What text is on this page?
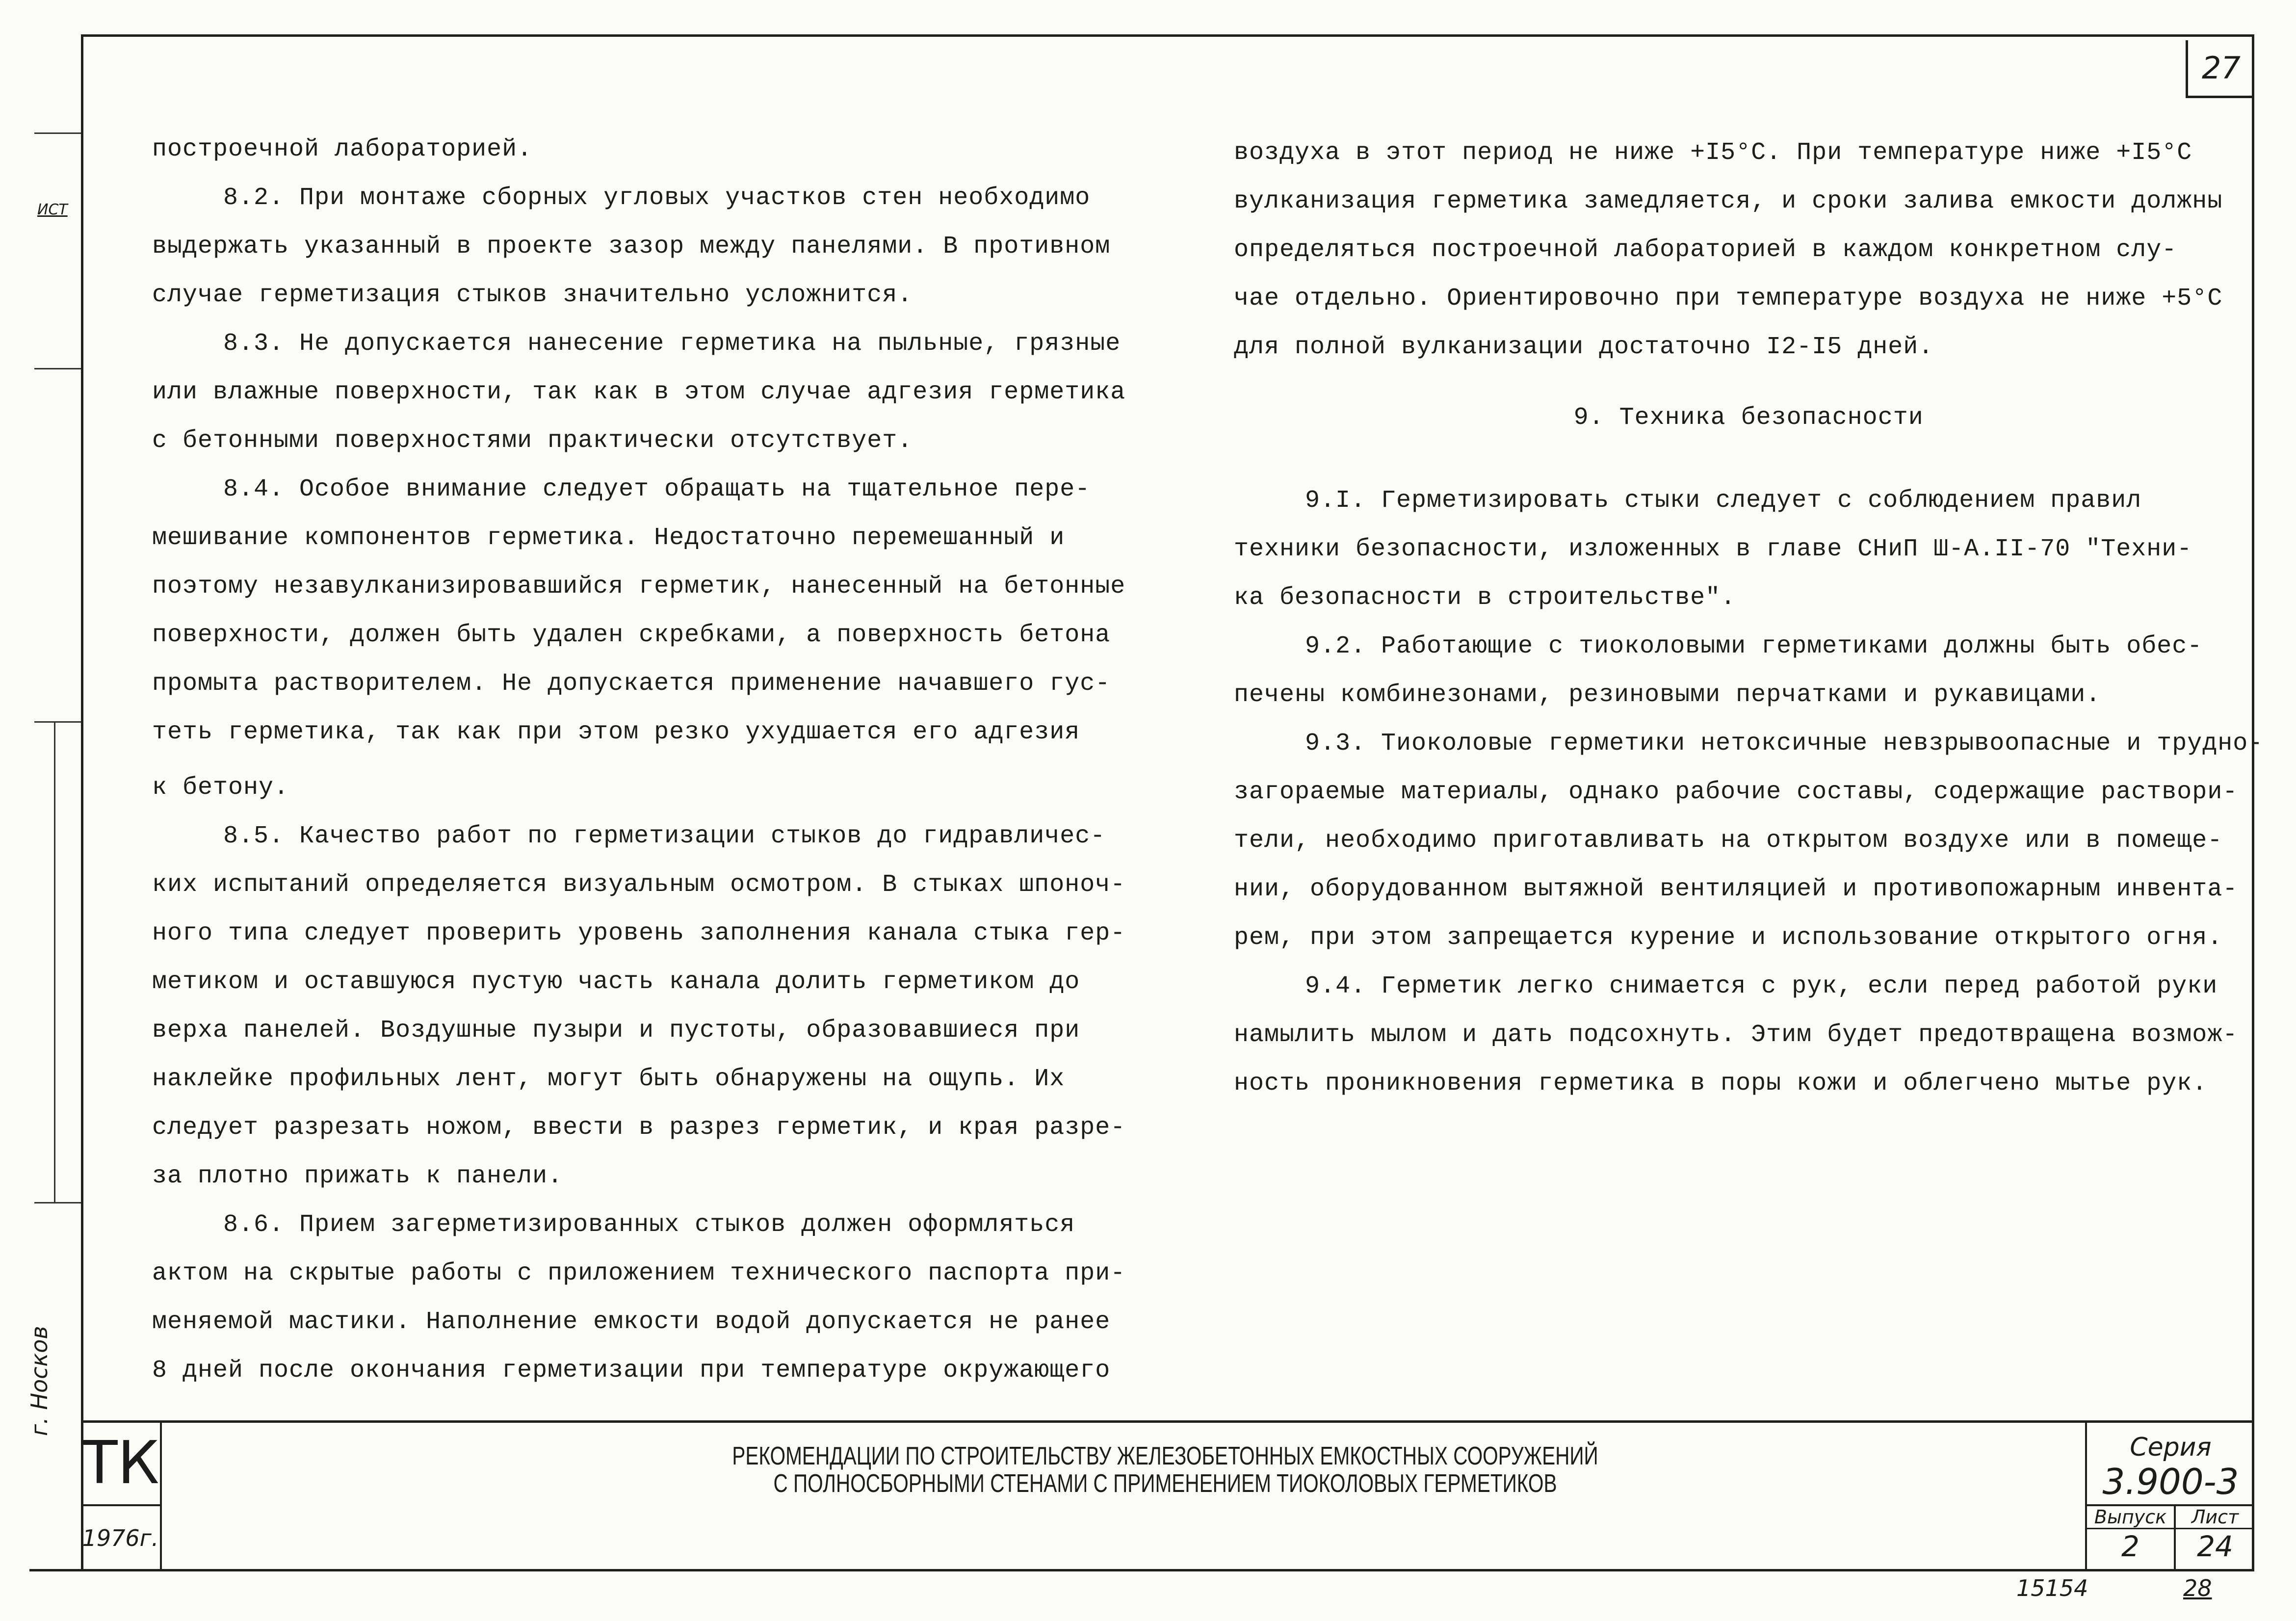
27
ИСТ
г. Носков

построечной лабораторией.

8.2. При монтаже сборных угловых участков стен необходимо

выдержать указанный в проекте зазор между панелями. В противном

случае герметизация стыков значительно усложнится.

8.3. Не допускается нанесение герметика на пыльные, грязные

или влажные поверхности, так как в этом случае адгезия герметика

с бетонными поверхностями практически отсутствует.

8.4. Особое внимание следует обращать на тщательное пере-

мешивание компонентов герметика. Недостаточно перемешанный и

поэтому незавулканизировавшийся герметик, нанесенный на бетонные

поверхности, должен быть удален скребками, а поверхность бетона

промыта растворителем. Не допускается применение начавшего гус-

теть герметика, так как при этом резко ухудшается его адгезия

к бетону.

8.5. Качество работ по герметизации стыков до гидравличес-

ких испытаний определяется визуальным осмотром. В стыках шпоноч-

ного типа следует проверить уровень заполнения канала стыка гер-

метиком и оставшуюся пустую часть канала долить герметиком до

верха панелей. Воздушные пузыри и пустоты, образовавшиеся при

наклейке профильных лент, могут быть обнаружены на ощупь. Их

следует разрезать ножом, ввести в разрез герметик, и края разре-

за плотно прижать к панели.

8.6. Прием загерметизированных стыков должен оформляться

актом на скрытые работы с приложением технического паспорта при-

меняемой мастики. Наполнение емкости водой допускается не ранее

8 дней после окончания герметизации при температуре окружающего

воздуха в этот период не ниже +I5°C. При температуре ниже +I5°C

вулканизация герметика замедляется, и сроки залива емкости должны

определяться построечной лабораторией в каждом конкретном слу-

чае отдельно. Ориентировочно при температуре воздуха не ниже +5°C

для полной вулканизации достаточно I2-I5 дней.

9. Техника безопасности

9.I. Герметизировать стыки следует с соблюдением правил

техники безопасности, изложенных в главе СНиП Ш-А.II-70 "Техни-

ка безопасности в строительстве".

9.2. Работающие с тиоколовыми герметиками должны быть обес-

печены комбинезонами, резиновыми перчатками и рукавицами.

9.3. Тиоколовые герметики нетоксичные невзрывоопасные и трудно-

загораемые материалы, однако рабочие составы, содержащие раствори-

тели, необходимо приготавливать на открытом воздухе или в помеще-

нии, оборудованном вытяжной вентиляцией и противопожарным инвента-

рем, при этом запрещается курение и использование открытого огня.

9.4. Герметик легко снимается с рук, если перед работой руки

намылить мылом и дать подсохнуть. Этим будет предотвращена возмож-

ность проникновения герметика в поры кожи и облегчено мытье рук.

ТК
1976г.
РЕКОМЕНДАЦИИ ПО СТРОИТЕЛЬСТВУ ЖЕЛЕЗОБЕТОННЫХ ЕМКОСТНЫХ СООРУЖЕНИЙ
С ПОЛНОСБОРНЫМИ СТЕНАМИ С ПРИМЕНЕНИЕМ ТИОКОЛОВЫХ ГЕРМЕТИКОВ
Серия
3.900-3
Выпуск
2
Лист
24
15154	28
